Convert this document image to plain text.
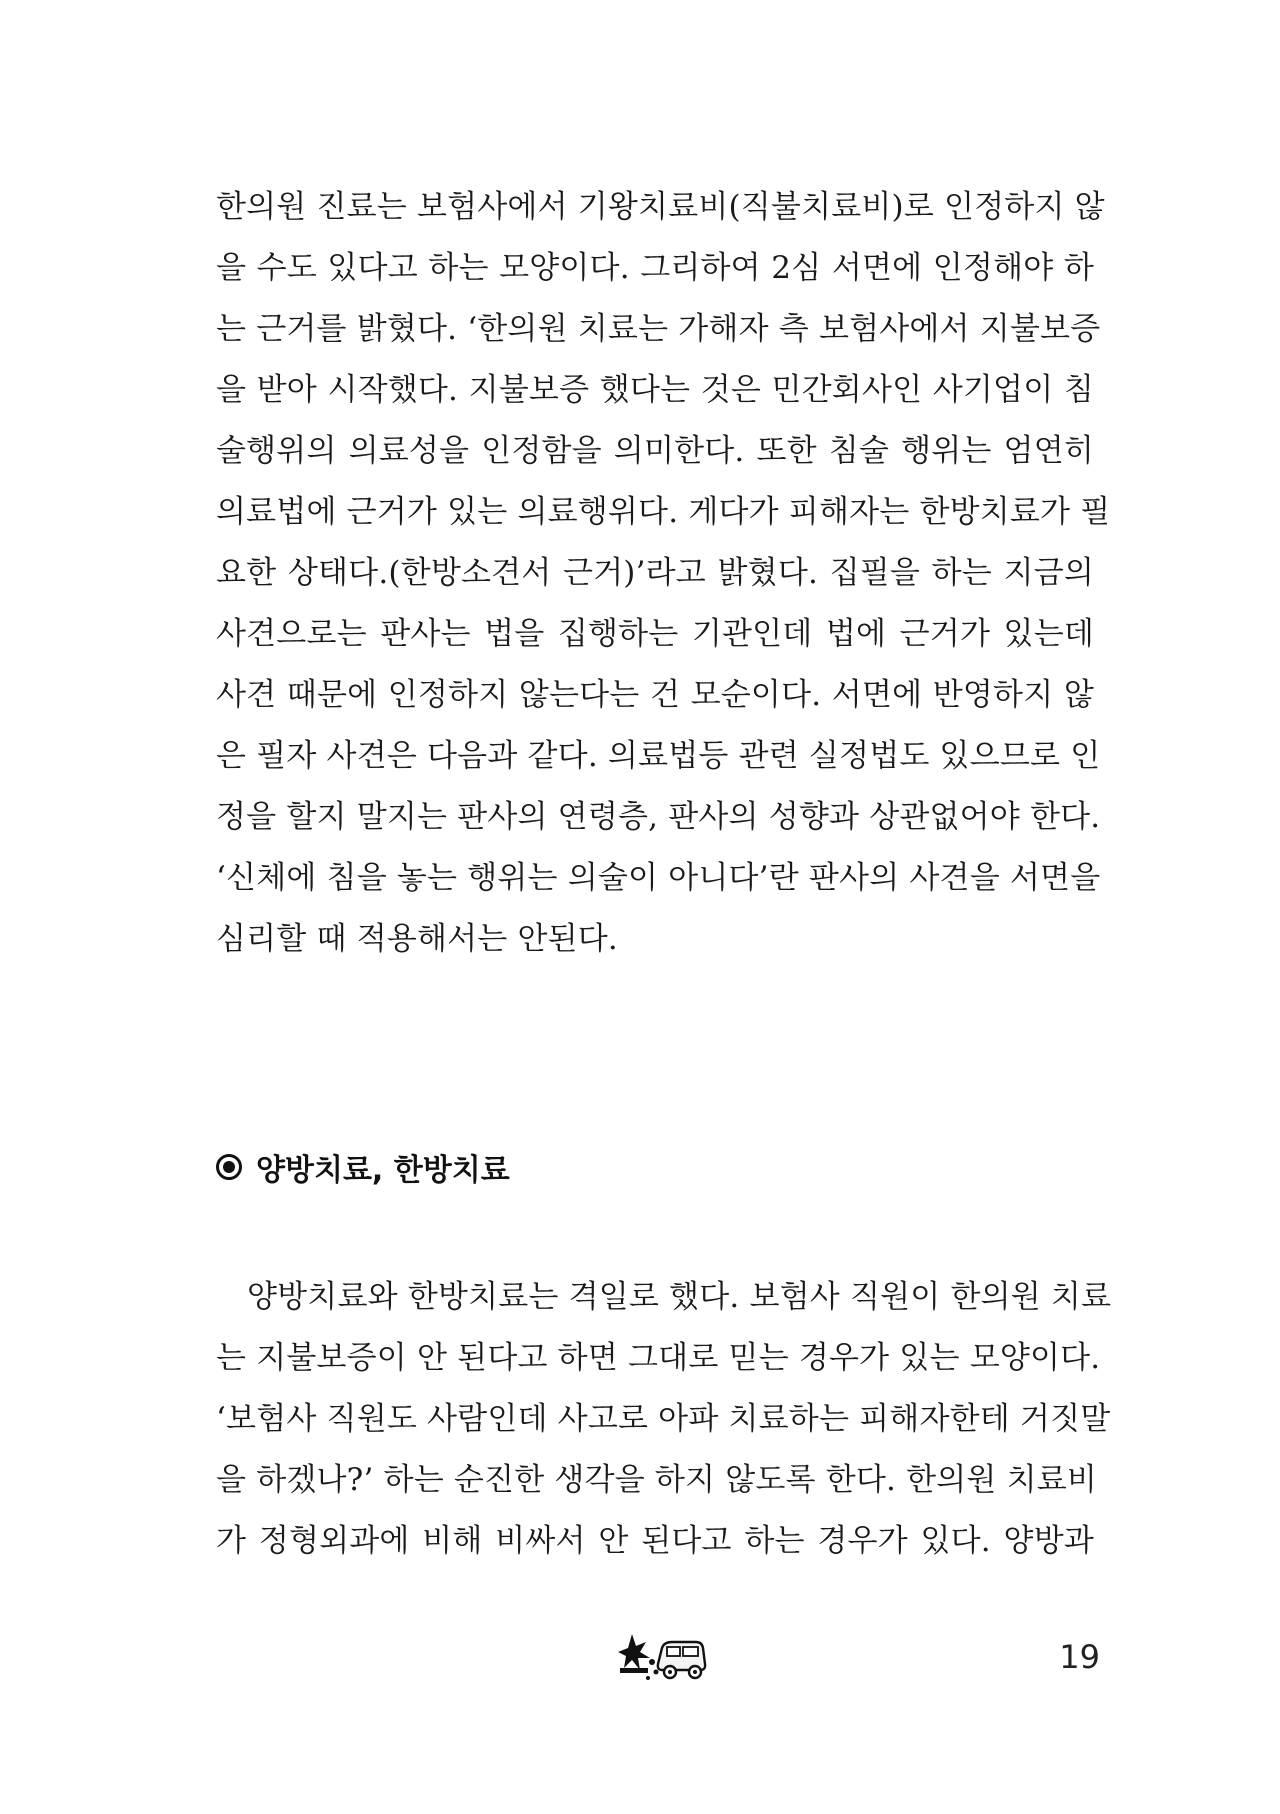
한의원 진료는 보험사에서 기왕치료비(직불치료비)로 인정하지 않
을 수도 있다고 하는 모양이다. 그리하여 2심 서면에 인정해야 하
는 근거를 밝혔다. ‘한의원 치료는 가해자 측 보험사에서 지불보증
을 받아 시작했다. 지불보증 했다는 것은 민간회사인 사기업이 침
술행위의 의료성을 인정함을 의미한다. 또한 침술 행위는 엄연히
의료법에 근거가 있는 의료행위다. 게다가 피해자는 한방치료가 필
요한 상태다.(한방소견서 근거)’라고 밝혔다. 집필을 하는 지금의
사견으로는 판사는 법을 집행하는 기관인데 법에 근거가 있는데
사견 때문에 인정하지 않는다는 건 모순이다. 서면에 반영하지 않
은 필자 사견은 다음과 같다. 의료법등 관련 실정법도 있으므로 인
정을 할지 말지는 판사의 연령층, 판사의 성향과 상관없어야 한다.
‘신체에 침을 놓는 행위는 의술이 아니다’란 판사의 사견을 서면을
심리할 때 적용해서는 안된다.
양방치료, 한방치료
양방치료와 한방치료는 격일로 했다. 보험사 직원이 한의원 치료
는 지불보증이 안 된다고 하면 그대로 믿는 경우가 있는 모양이다.
‘보험사 직원도 사람인데 사고로 아파 치료하는 피해자한테 거짓말
을 하겠나?’ 하는 순진한 생각을 하지 않도록 한다. 한의원 치료비
가 정형외과에 비해 비싸서 안 된다고 하는 경우가 있다. 양방과
19
